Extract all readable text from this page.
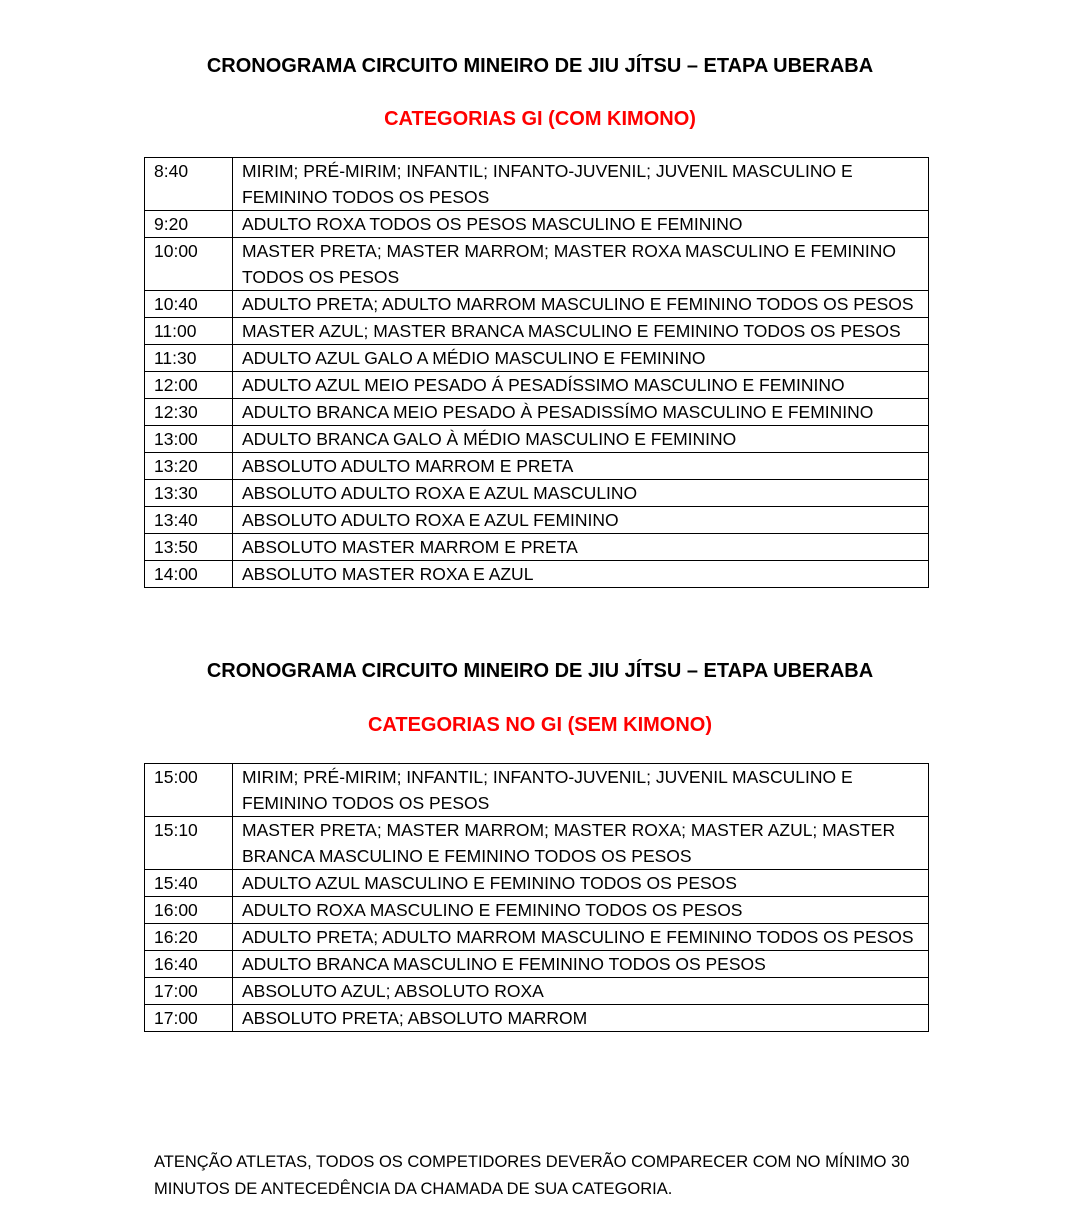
CRONOGRAMA CIRCUITO MINEIRO DE JIU JÍTSU – ETAPA UBERABA
CATEGORIAS GI (COM KIMONO)
8:40	MIRIM; PRÉ-MIRIM; INFANTIL; INFANTO-JUVENIL; JUVENIL MASCULINO E FEMININO TODOS OS PESOS
9:20	ADULTO ROXA TODOS OS PESOS MASCULINO E FEMININO
10:00	MASTER PRETA; MASTER MARROM; MASTER ROXA MASCULINO E FEMININO TODOS OS PESOS
10:40	ADULTO PRETA; ADULTO MARROM MASCULINO E FEMININO TODOS OS PESOS
11:00	MASTER AZUL; MASTER BRANCA MASCULINO E FEMININO TODOS OS PESOS
11:30	ADULTO AZUL GALO A MÉDIO MASCULINO E FEMININO
12:00	ADULTO AZUL MEIO PESADO Á PESADÍSSIMO MASCULINO E FEMININO
12:30	ADULTO BRANCA MEIO PESADO À PESADISSÍMO MASCULINO E FEMININO
13:00	ADULTO BRANCA GALO À MÉDIO MASCULINO E FEMININO
13:20	ABSOLUTO ADULTO MARROM E PRETA
13:30	ABSOLUTO ADULTO ROXA E AZUL MASCULINO
13:40	ABSOLUTO ADULTO ROXA E AZUL FEMININO
13:50	ABSOLUTO MASTER MARROM E PRETA
14:00	ABSOLUTO MASTER ROXA E AZUL
CRONOGRAMA CIRCUITO MINEIRO DE JIU JÍTSU – ETAPA UBERABA
CATEGORIAS NO GI (SEM KIMONO)
15:00	MIRIM; PRÉ-MIRIM; INFANTIL; INFANTO-JUVENIL; JUVENIL MASCULINO E FEMININO TODOS OS PESOS
15:10	MASTER PRETA; MASTER MARROM; MASTER ROXA; MASTER AZUL; MASTER BRANCA MASCULINO E FEMININO TODOS OS PESOS
15:40	ADULTO AZUL MASCULINO E FEMININO TODOS OS PESOS
16:00	ADULTO ROXA MASCULINO E FEMININO TODOS OS PESOS
16:20	ADULTO PRETA; ADULTO MARROM MASCULINO E FEMININO TODOS OS PESOS
16:40	ADULTO BRANCA MASCULINO E FEMININO TODOS OS PESOS
17:00	ABSOLUTO AZUL; ABSOLUTO ROXA
17:00	ABSOLUTO PRETA; ABSOLUTO MARROM
ATENÇÃO ATLETAS, TODOS OS COMPETIDORES DEVERÃO COMPARECER COM NO MÍNIMO 30
MINUTOS DE ANTECEDÊNCIA DA CHAMADA DE SUA CATEGORIA.
